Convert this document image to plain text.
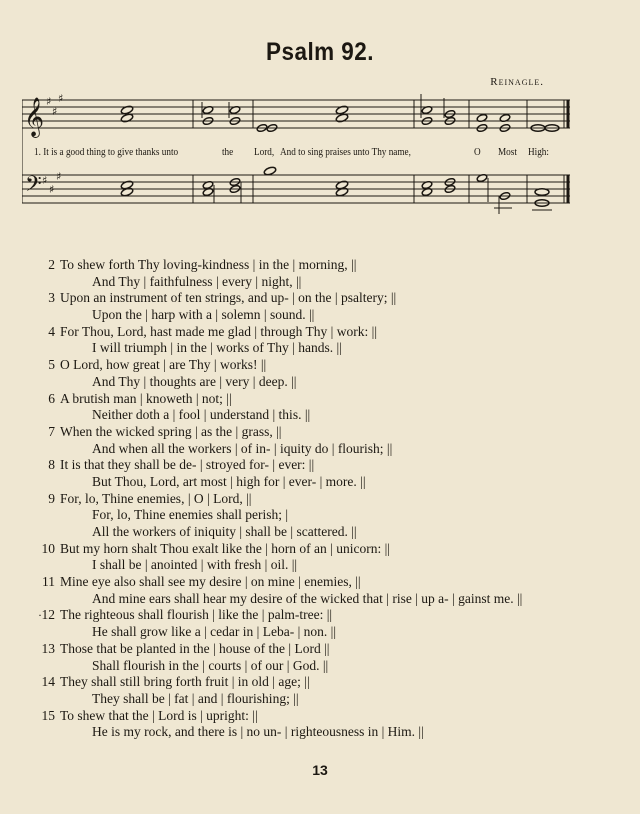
Psalm 92.
Reinagle.
𝄞
𝄢
♯
♯
♯
♯
♯
♯
1. It is a good thing to give thanks unto	the Lord, And to sing praises unto Thy name,	O Most High:
2 To shew forth Thy loving-kindness | in the | morning, ||
And Thy | faithfulness | every | night, ||
3 Upon an instrument of ten strings, and up- | on the | psaltery; ||
Upon the | harp with a | solemn | sound. ||
4 For Thou, Lord, hast made me glad | through Thy | work: ||
I will triumph | in the | works of Thy | hands. ||
5 O Lord, how great | are Thy | works! ||
And Thy | thoughts are | very | deep. ||
6 A brutish man | knoweth | not; ||
Neither doth a | fool | understand | this. ||
7 When the wicked spring | as the | grass, ||
And when all the workers | of in- | iquity do | flourish; ||
8 It is that they shall be de- | stroyed for- | ever: ||
But Thou, Lord, art most | high for | ever- | more. ||
9 For, lo, Thine enemies, | O | Lord, ||
For, lo, Thine enemies shall perish; |
All the workers of iniquity | shall be | scattered. ||
10 But my horn shalt Thou exalt like the | horn of an | unicorn: ||
I shall be | anointed | with fresh | oil. ||
11 Mine eye also shall see my desire | on mine | enemies, ||
And mine ears shall hear my desire of the wicked that | rise | up a- | gainst me. ||
· 12 The righteous shall flourish | like the | palm-tree: ||
He shall grow like a | cedar in | Leba- | non. ||
13 Those that be planted in the | house of the | Lord ||
Shall flourish in the | courts | of our | God. ||
14 They shall still bring forth fruit | in old | age; ||
They shall be | fat | and | flourishing; ||
15 To shew that the | Lord is | upright: ||
He is my rock, and there is | no un- | righteousness in | Him. ||
13
